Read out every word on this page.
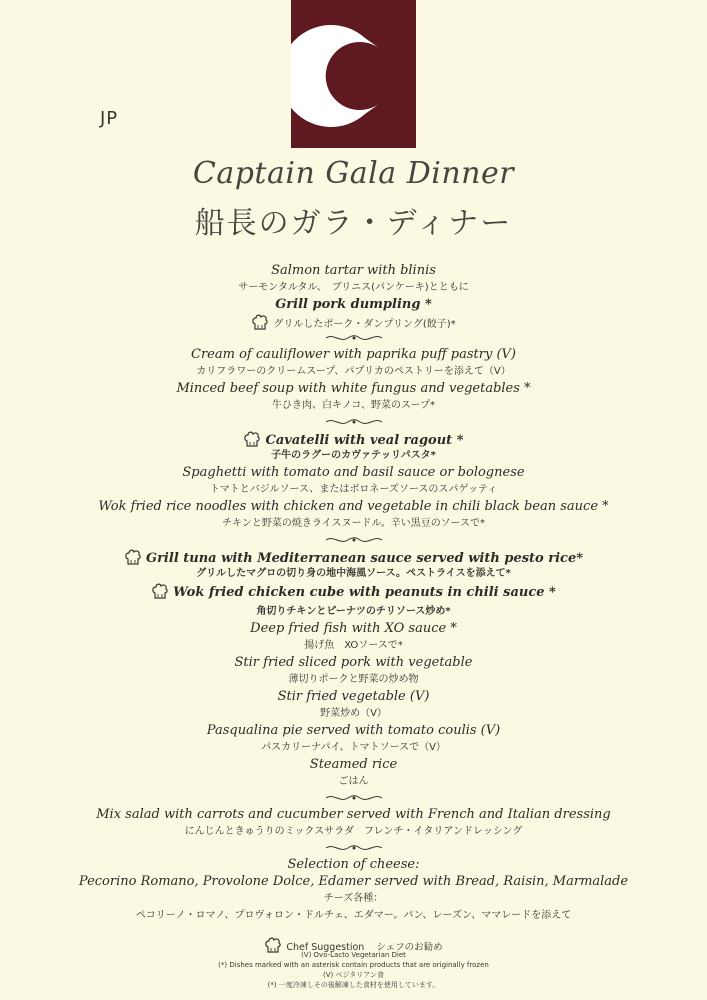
JP
Captain Gala Dinner
船長のガラ・ディナー
Salmon tartar with blinis
サーモンタルタル、　ブリニス(パンケーキ)とともに
Grill pork dumpling *
グリルしたポーク・ダンプリング(餃子)*
Cream of cauliflower with paprika puff pastry (V)
カリフラワーのクリームスープ、パプリカのペストリーを添えて（V）
Minced beef soup with white fungus and vegetables *
牛ひき肉、白キノコ、野菜のスープ*
Cavatelli with veal ragout *
子牛のラグーのカヴァテッリパスタ*
Spaghetti with tomato and basil sauce or bolognese
トマトとバジルソース、またはボロネーズソースのスパゲッティ
Wok fried rice noodles with chicken and vegetable in chili black bean sauce *
チキンと野菜の焼きライスヌードル。辛い黒豆のソースで*
Grill tuna with Mediterranean sauce served with pesto rice*
グリルしたマグロの切り身の地中海風ソース。ペストライスを添えて*
Wok fried chicken cube with peanuts in chili sauce *
角切りチキンとピーナツのチリソース炒め*
Deep fried fish with XO sauce *
揚げ魚　XOソースで*
Stir fried sliced pork with vegetable
薄切りポークと野菜の炒め物
Stir fried vegetable (V)
野菜炒め（V）
Pasqualina pie served with tomato coulis (V)
パスカリーナパイ、トマトソースで（V）
Steamed rice
ごはん
Mix salad with carrots and cucumber served with French and Italian dressing
にんじんときゅうりのミックスサラダ　フレンチ・イタリアンドレッシング
Selection of cheese:
Pecorino Romano, Provolone Dolce, Edamer served with Bread, Raisin, Marmalade
チーズ各種：
ペコリーノ・ロマノ、プロヴォロン・ドルチェ、エダマー。パン、レーズン、ママレードを添えて
Chef Suggestion シェフのお勧め
(V) Ovo-Lacto Vegetarian Diet
(*) Dishes marked with an asterisk contain products that are originally frozen
(V) ベジタリアン食
(*) 一度冷凍しその後解凍した食材を使用しています。
